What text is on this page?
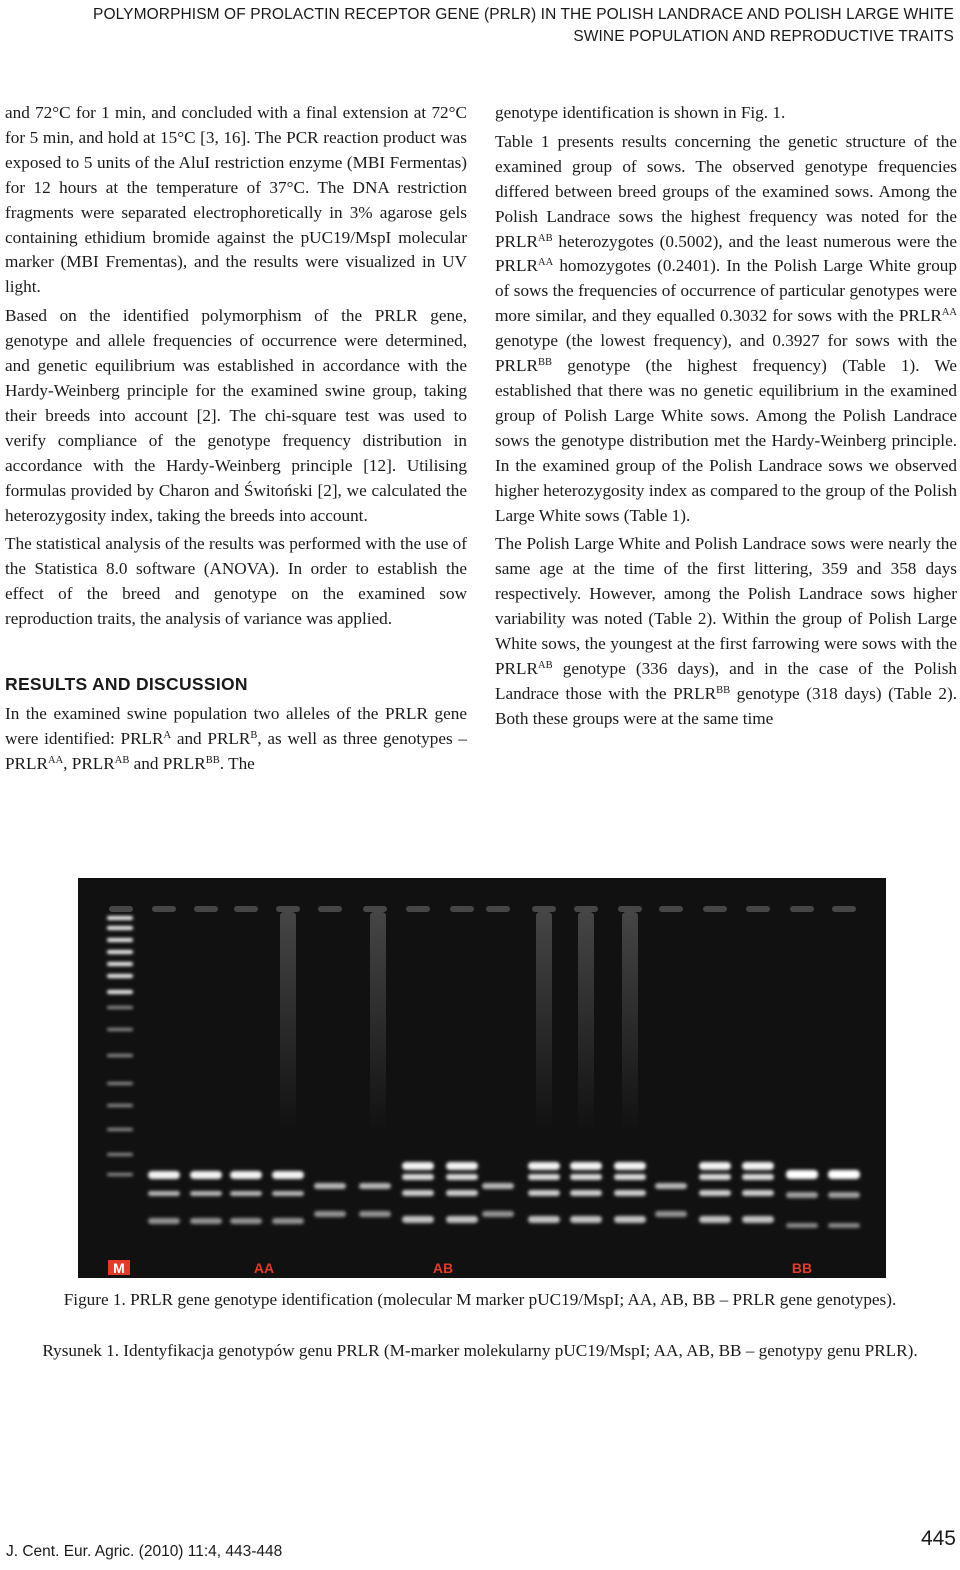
POLYMORPHISM OF PROLACTIN RECEPTOR GENE (PRLR) IN THE POLISH LANDRACE AND POLISH LARGE WHITE
SWINE POPULATION AND REPRODUCTIVE TRAITS

and 72°C for 1 min, and concluded with a final extension at 72°C for 5 min, and hold at 15°C [3, 16]. The PCR reaction product was exposed to 5 units of the AluI restriction enzyme (MBI Fermentas) for 12 hours at the temperature of 37°C. The DNA restriction fragments were separated electrophoretically in 3% agarose gels containing ethidium bromide against the pUC19/MspI molecular marker (MBI Frementas), and the results were visualized in UV light.

Based on the identified polymorphism of the PRLR gene, genotype and allele frequencies of occurrence were determined, and genetic equilibrium was established in accordance with the Hardy-Weinberg principle for the examined swine group, taking their breeds into account [2]. The chi-square test was used to verify compliance of the genotype frequency distribution in accordance with the Hardy-Weinberg principle [12]. Utilising formulas provided by Charon and Świtoński [2], we calculated the heterozygosity index, taking the breeds into account.

The statistical analysis of the results was performed with the use of the Statistica 8.0 software (ANOVA). In order to establish the effect of the breed and genotype on the examined sow reproduction traits, the analysis of variance was applied.

RESULTS AND DISCUSSION

In the examined swine population two alleles of the PRLR gene were identified: $PRLR^A$ and $PRLR^B$, as well as three genotypes – $PRLR^{AA}$, $PRLR^{AB}$ and $PRLR^{BB}$. The

genotype identification is shown in Fig. 1.

Table 1 presents results concerning the genetic structure of the examined group of sows. The observed genotype frequencies differed between breed groups of the examined sows. Among the Polish Landrace sows the highest frequency was noted for the $PRLR^{AB}$ heterozygotes (0.5002), and the least numerous were the $PRLR^{AA}$ homozygotes (0.2401). In the Polish Large White group of sows the frequencies of occurrence of particular genotypes were more similar, and they equalled 0.3032 for sows with the $PRLR^{AA}$ genotype (the lowest frequency), and 0.3927 for sows with the $PRLR^{BB}$ genotype (the highest frequency) (Table 1). We established that there was no genetic equilibrium in the examined group of Polish Large White sows. Among the Polish Landrace sows the genotype distribution met the Hardy-Weinberg principle. In the examined group of the Polish Landrace sows we observed higher heterozygosity index as compared to the group of the Polish Large White sows (Table 1).

The Polish Large White and Polish Landrace sows were nearly the same age at the time of the first littering, 359 and 358 days respectively. However, among the Polish Landrace sows higher variability was noted (Table 2). Within the group of Polish Large White sows, the youngest at the first farrowing were sows with the $PRLR^{AB}$ genotype (336 days), and in the case of the Polish Landrace those with the $PRLR^{BB}$ genotype (318 days) (Table 2). Both these groups were at the same time

M	AA	AB	BB
Figure 1. PRLR gene genotype identification (molecular M marker pUC19/MspI; AA, AB, BB – PRLR gene genotypes).
Rysunek 1. Identyfikacja genotypów genu PRLR (M-marker molekularny pUC19/MspI; AA, AB, BB – genotypy genu PRLR).
J. Cent. Eur. Agric. (2010) 11:4, 443-448
445
